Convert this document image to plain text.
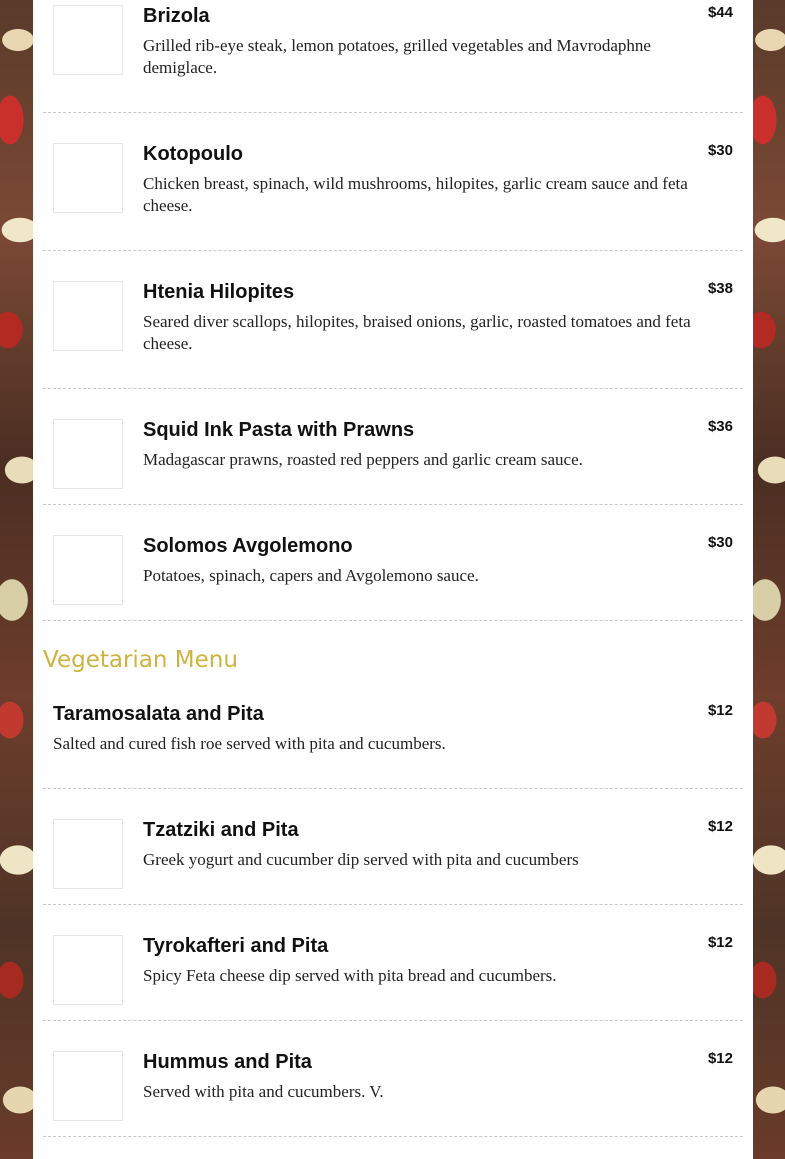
Brizola	$44
Grilled rib-eye steak, lemon potatoes, grilled vegetables and Mavrodaphne demiglace.
Kotopoulo	$30
Chicken breast, spinach, wild mushrooms, hilopites, garlic cream sauce and feta cheese.
Htenia Hilopites	$38
Seared diver scallops, hilopites, braised onions, garlic, roasted tomatoes and feta cheese.
Squid Ink Pasta with Prawns	$36
Madagascar prawns, roasted red peppers and garlic cream sauce.
Solomos Avgolemono	$30
Potatoes, spinach, capers and Avgolemono sauce.
Vegetarian Menu
Taramosalata and Pita	$12
Salted and cured fish roe served with pita and cucumbers.
Tzatziki and Pita	$12
Greek yogurt and cucumber dip served with pita and cucumbers
Tyrokafteri and Pita	$12
Spicy Feta cheese dip served with pita bread and cucumbers.
Hummus and Pita	$12
Served with pita and cucumbers. V.
